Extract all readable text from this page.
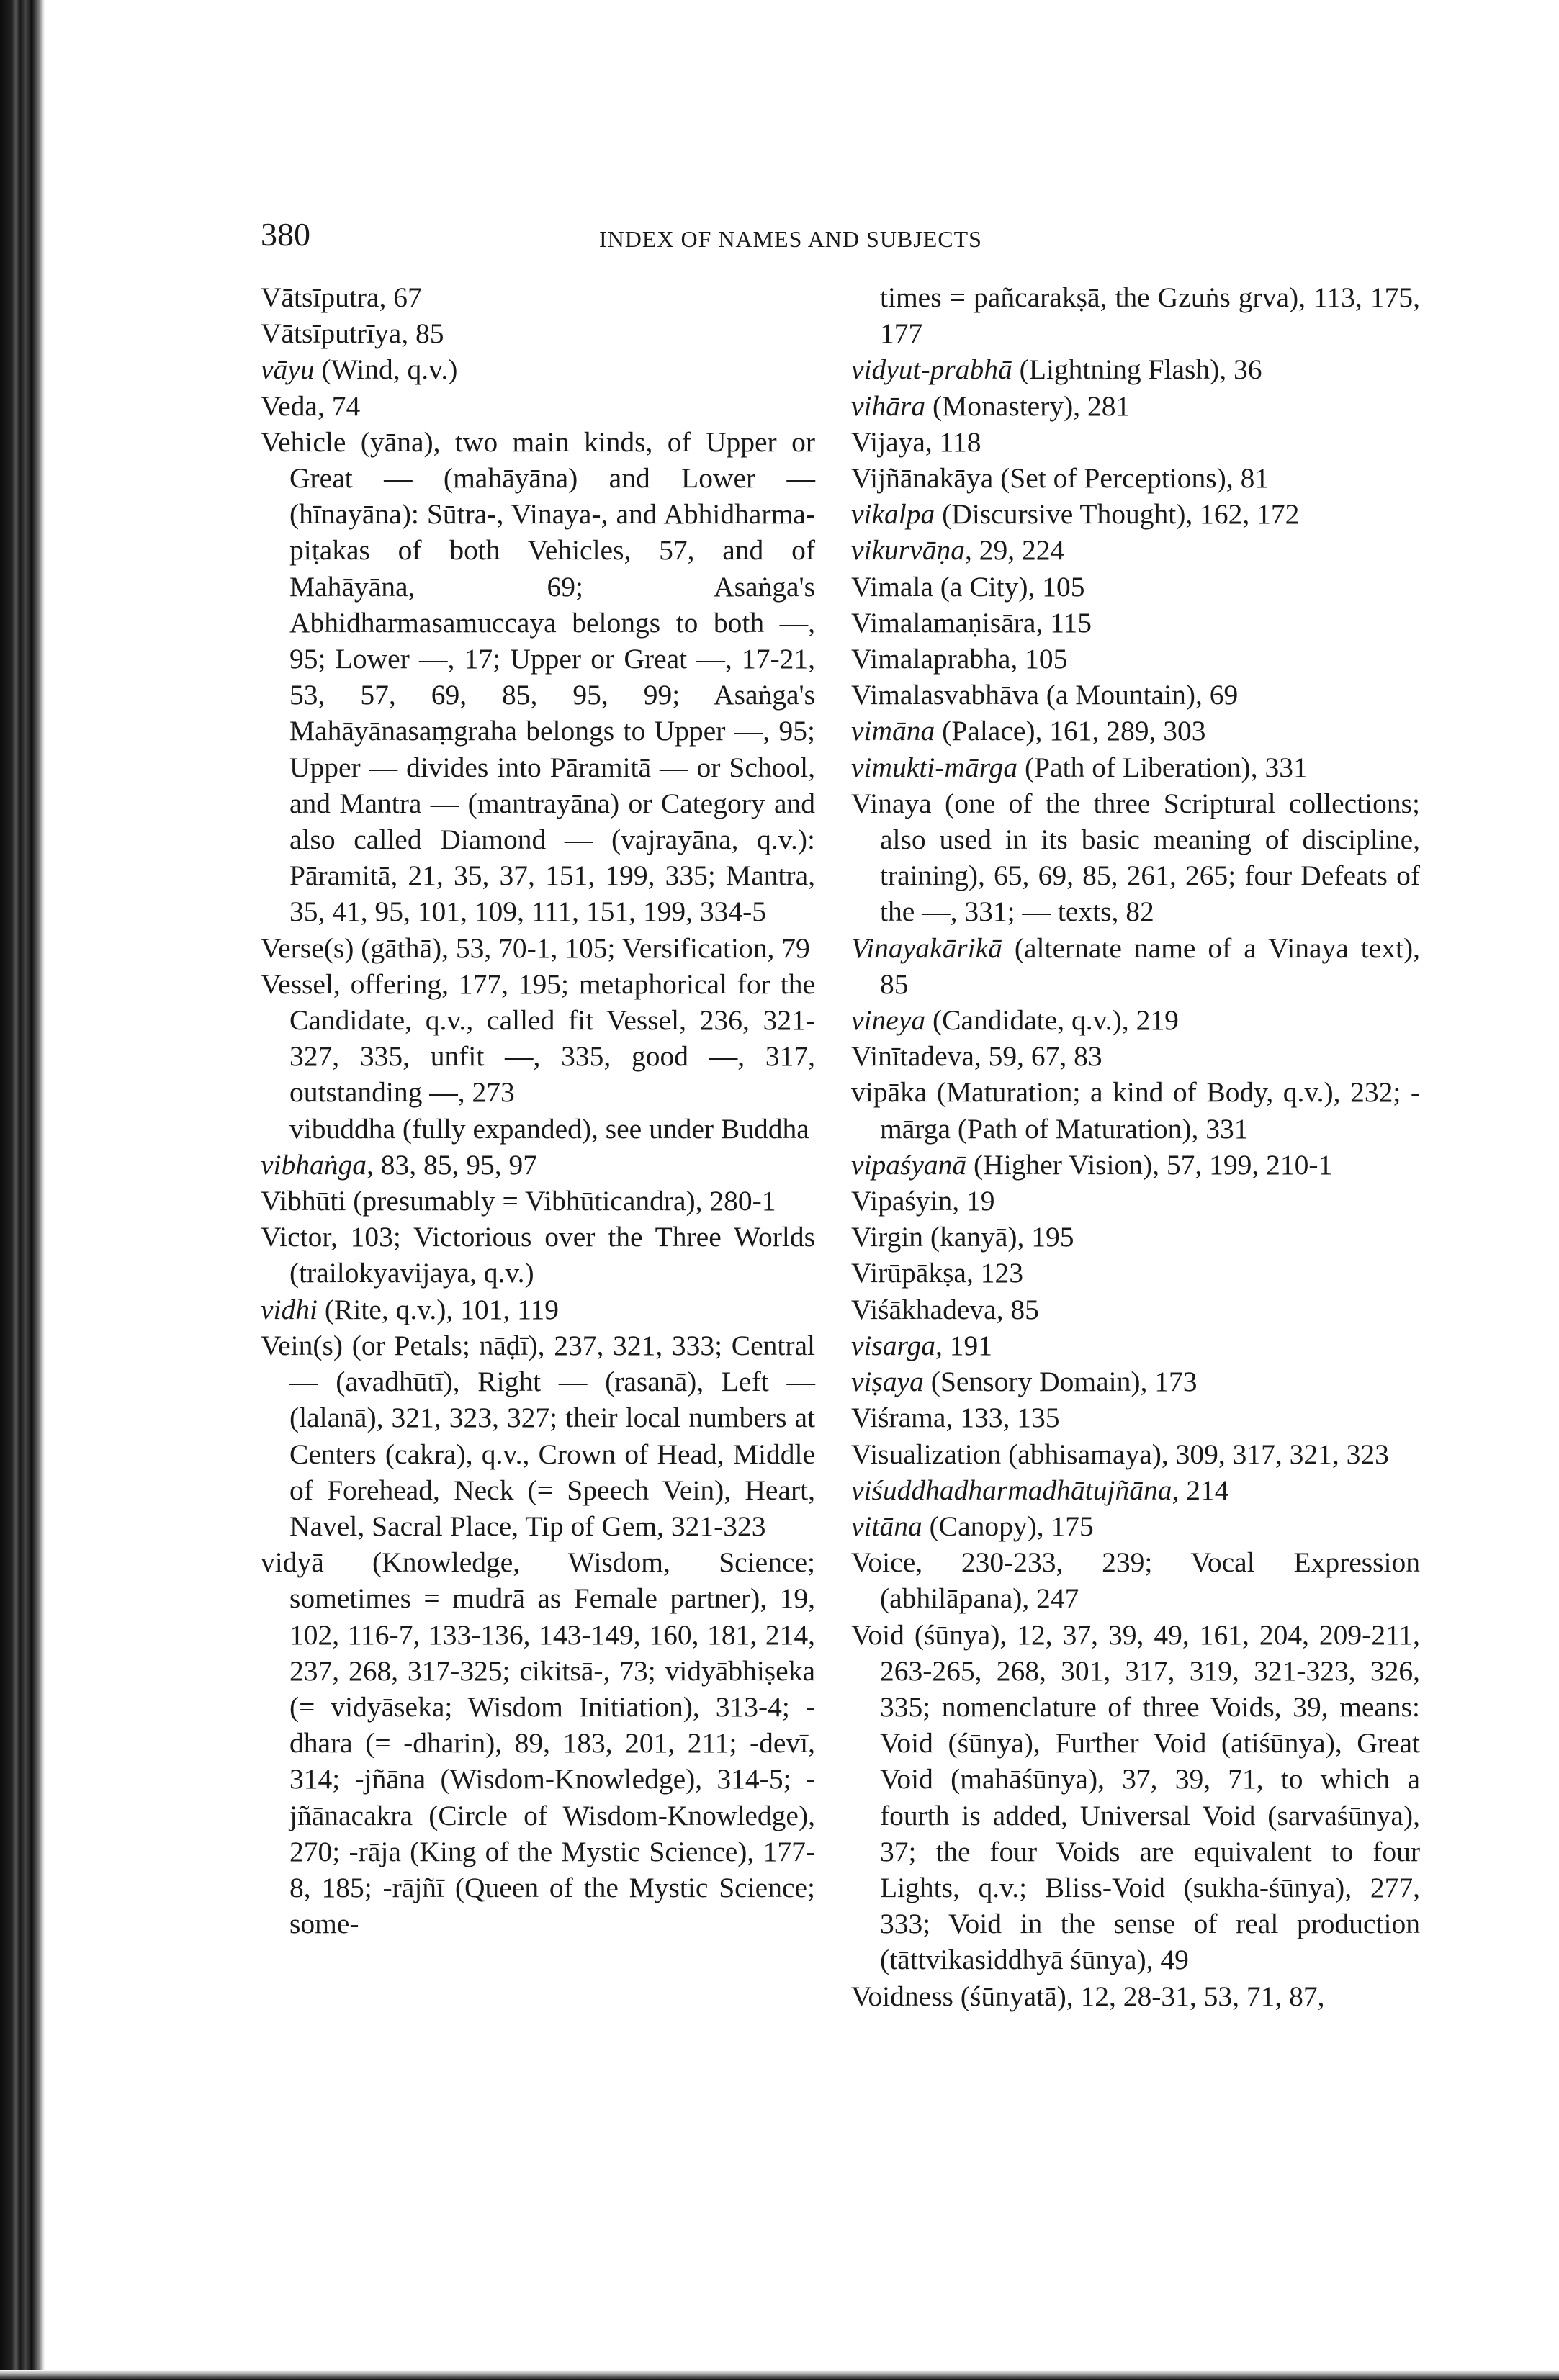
380	INDEX OF NAMES AND SUBJECTS

Vātsīputra, 67

Vātsīputrīya, 85

vāyu (Wind, q.v.)

Veda, 74

Vehicle (yāna), two main kinds, of Upper or Great — (mahāyāna) and Lower — (hīnayāna): Sūtra-, Vinaya-, and Abhidharma-piṭakas of both Vehicles, 57, and of Mahāyāna, 69; Asaṅga's Abhidharmasamuccaya belongs to both —, 95; Lower —, 17; Upper or Great —, 17-21, 53, 57, 69, 85, 95, 99; Asaṅga's Mahāyānasaṃgraha belongs to Upper —, 95; Upper — divides into Pāramitā — or School, and Mantra — (mantrayāna) or Category and also called Diamond — (vajrayāna, q.v.): Pāramitā, 21, 35, 37, 151, 199, 335; Mantra, 35, 41, 95, 101, 109, 111, 151, 199, 334-5

Verse(s) (gāthā), 53, 70-1, 105; Versification, 79

Vessel, offering, 177, 195; metaphorical for the Candidate, q.v., called fit Vessel, 236, 321-327, 335, unfit —, 335, good —, 317, outstanding —, 273

vibuddha (fully expanded), see under Buddha

vibhaṅga, 83, 85, 95, 97

Vibhūti (presumably = Vibhūticandra), 280-1

Victor, 103; Victorious over the Three Worlds (trailokyavijaya, q.v.)

vidhi (Rite, q.v.), 101, 119

Vein(s) (or Petals; nāḍī), 237, 321, 333; Central — (avadhūtī), Right — (rasanā), Left — (lalanā), 321, 323, 327; their local numbers at Centers (cakra), q.v., Crown of Head, Middle of Forehead, Neck (= Speech Vein), Heart, Navel, Sacral Place, Tip of Gem, 321-323

vidyā (Knowledge, Wisdom, Science; sometimes = mudrā as Female partner), 19, 102, 116-7, 133-136, 143-149, 160, 181, 214, 237, 268, 317-325; cikitsā-, 73; vidyābhiṣeka (= vidyāseka; Wisdom Initiation), 313-4; -dhara (= -dharin), 89, 183, 201, 211; -devī, 314; -jñāna (Wisdom-Knowledge), 314-5; -jñānacakra (Circle of Wisdom-Knowledge), 270; -rāja (King of the Mystic Science), 177-8, 185; -rājñī (Queen of the Mystic Science; some-

times = pañcarakṣā, the Gzuṅs grva), 113, 175, 177

vidyut-prabhā (Lightning Flash), 36

vihāra (Monastery), 281

Vijaya, 118

Vijñānakāya (Set of Perceptions), 81

vikalpa (Discursive Thought), 162, 172

vikurvāṇa, 29, 224

Vimala (a City), 105

Vimalamaṇisāra, 115

Vimalaprabha, 105

Vimalasvabhāva (a Mountain), 69

vimāna (Palace), 161, 289, 303

vimukti-mārga (Path of Liberation), 331

Vinaya (one of the three Scriptural collections; also used in its basic meaning of discipline, training), 65, 69, 85, 261, 265; four Defeats of the —, 331; — texts, 82

Vinayakārikā (alternate name of a Vinaya text), 85

vineya (Candidate, q.v.), 219

Vinītadeva, 59, 67, 83

vipāka (Maturation; a kind of Body, q.v.), 232; -mārga (Path of Maturation), 331

vipaśyanā (Higher Vision), 57, 199, 210-1

Vipaśyin, 19

Virgin (kanyā), 195

Virūpākṣa, 123

Viśākhadeva, 85

visarga, 191

viṣaya (Sensory Domain), 173

Viśrama, 133, 135

Visualization (abhisamaya), 309, 317, 321, 323

viśuddhadharmadhātujñāna, 214

vitāna (Canopy), 175

Voice, 230-233, 239; Vocal Expression (abhilāpana), 247

Void (śūnya), 12, 37, 39, 49, 161, 204, 209-211, 263-265, 268, 301, 317, 319, 321-323, 326, 335; nomenclature of three Voids, 39, means: Void (śūnya), Further Void (atiśūnya), Great Void (mahāśūnya), 37, 39, 71, to which a fourth is added, Universal Void (sarvaśūnya), 37; the four Voids are equivalent to four Lights, q.v.; Bliss-Void (sukha-śūnya), 277, 333; Void in the sense of real production (tāttvikasiddhyā śūnya), 49

Voidness (śūnyatā), 12, 28-31, 53, 71, 87,
